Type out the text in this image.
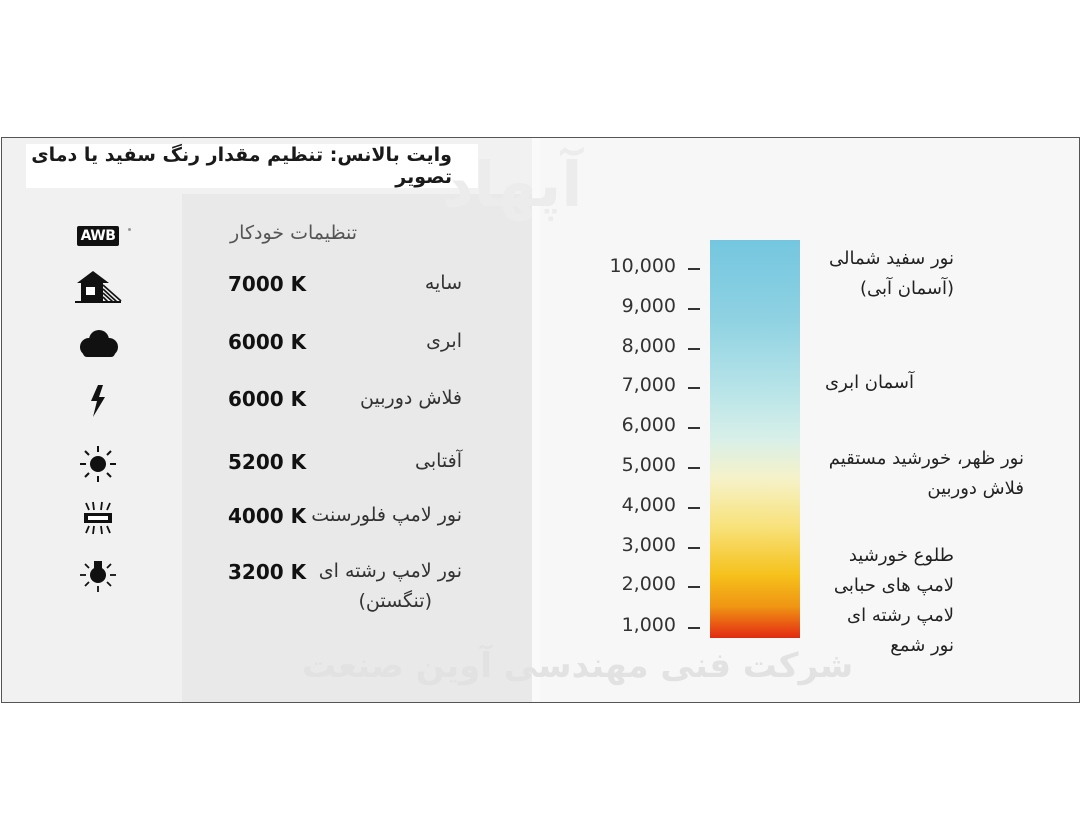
وایت بالانس: تنظیم مقدار رنگ سفید یا دمای تصویر
AWB	تنظیمات خودکار
7000 K	سایه
6000 K	ابری
6000 K	فلاش دوربین
5200 K	آفتابی
4000 K نور لامپ فلورسنت
3200 K نور لامپ رشته ای
(تنگستن)
آپهاد
شرکت فنی مهندسی آوین صنعت
10,000
9,000
8,000
7,000
6,000
5,000
4,000
3,000
2,000
1,000
نور سفید شمالی
(آسمان آبی)
آسمان ابری
نور ظهر، خورشید مستقیم
فلاش دوربین
طلوع خورشید
لامپ های حبابی
لامپ رشته ای
نور شمع
